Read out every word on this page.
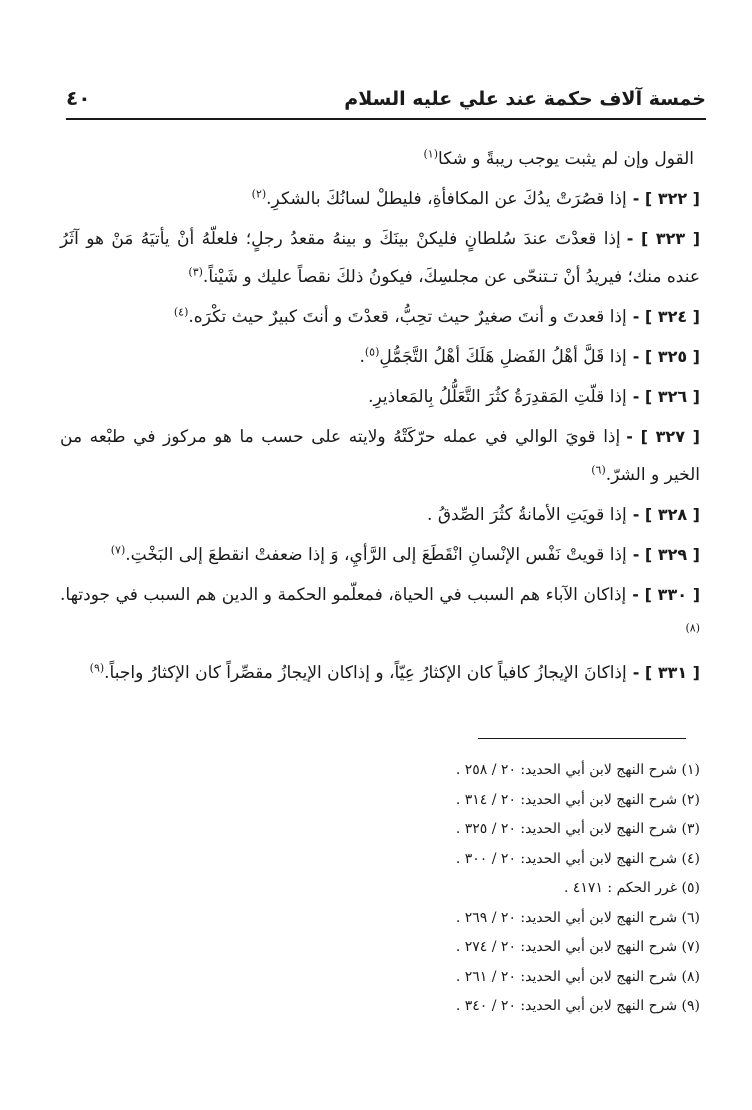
خمسة آلاف حكمة عند علي عليه السلام
٤٠

القول وإن لم يثبت يوجب ريبةً و شكا$^{(١)}$

[ ٣٢٢ ] -إذا قصُرَتْ يدُكَ عن المكافأةِ، فليطلْ لسانُكَ بالشكرِ.$^{(٢)}$

[ ٣٢٣ ] -إذا قعدْتَ عندَ سُلطانٍ فليكنْ بينَكَ و بينهُ مقعدُ رجلٍ؛ فلعلّهُ أنْ يأتيَهُ مَنْ هو آثَرُ عنده منك؛ فيريدُ أنْ تـتنحّى عن مجلسِكَ، فيكونُ ذلكَ نقصاً عليك و شَيْناً.$^{(٣)}$

[ ٣٢٤ ] -إذا قعدتَ و أنتَ صغيرٌ حيث تحِبُّ، قعدْتَ و أنتَ كبيرٌ حيث تكْرَه.$^{(٤)}$

[ ٣٢٥ ] -إذا قَلَّ أهْلُ الفَضلِ هَلَكَ أهْلُ التَّجَمُّلِ$^{(٥)}$.

[ ٣٢٦ ] -إذا قلّتِ المَقدِرَةُ كثُرَ التَّعَلُّلُ بِالمَعاذيرِ.

[ ٣٢٧ ] -إذا قويَ الوالي في عمله حرّكَتْهُ ولايته على حسب ما هو مركوز في طبْعه من الخير و الشرّ.$^{(٦)}$

[ ٣٢٨ ] -إذا قويَتِ الأمانةُ كثُرَ الصِّدقُ .

[ ٣٢٩ ] -إذا قويتْ نَفْس الإنْسانِ انْقَطَعَ إلى الرَّأيِ، وَ إذا ضعفتْ انقطعَ إلى البَخْتِ.$^{(٧)}$

[ ٣٣٠ ] -إذاكان الآباء هم السبب في الحياة، فمعلّمو الحكمة و الدين هم السبب في جودتها.$^{(٨)}$

[ ٣٣١ ] -إذاكانَ الإيجازُ كافياً كان الإكثارُ عِيّاً، و إذاكان الإيجازُ مقصِّراً كان الإكثارُ واجباً.$^{(٩)}$

(١) شرح النهج لابن أبي الحديد: ٢٠ / ٢٥٨ .
(٢) شرح النهج لابن أبي الحديد: ٢٠ / ٣١٤ .
(٣) شرح النهج لابن أبي الحديد: ٢٠ / ٣٢٥ .
(٤) شرح النهج لابن أبي الحديد: ٢٠ / ٣٠٠ .
(٥) غرر الحكم : ٤١٧١ .
(٦) شرح النهج لابن أبي الحديد: ٢٠ / ٢٦٩ .
(٧) شرح النهج لابن أبي الحديد: ٢٠ / ٢٧٤ .
(٨) شرح النهج لابن أبي الحديد: ٢٠ / ٢٦١ .
(٩) شرح النهج لابن أبي الحديد: ٢٠ / ٣٤٠ .
